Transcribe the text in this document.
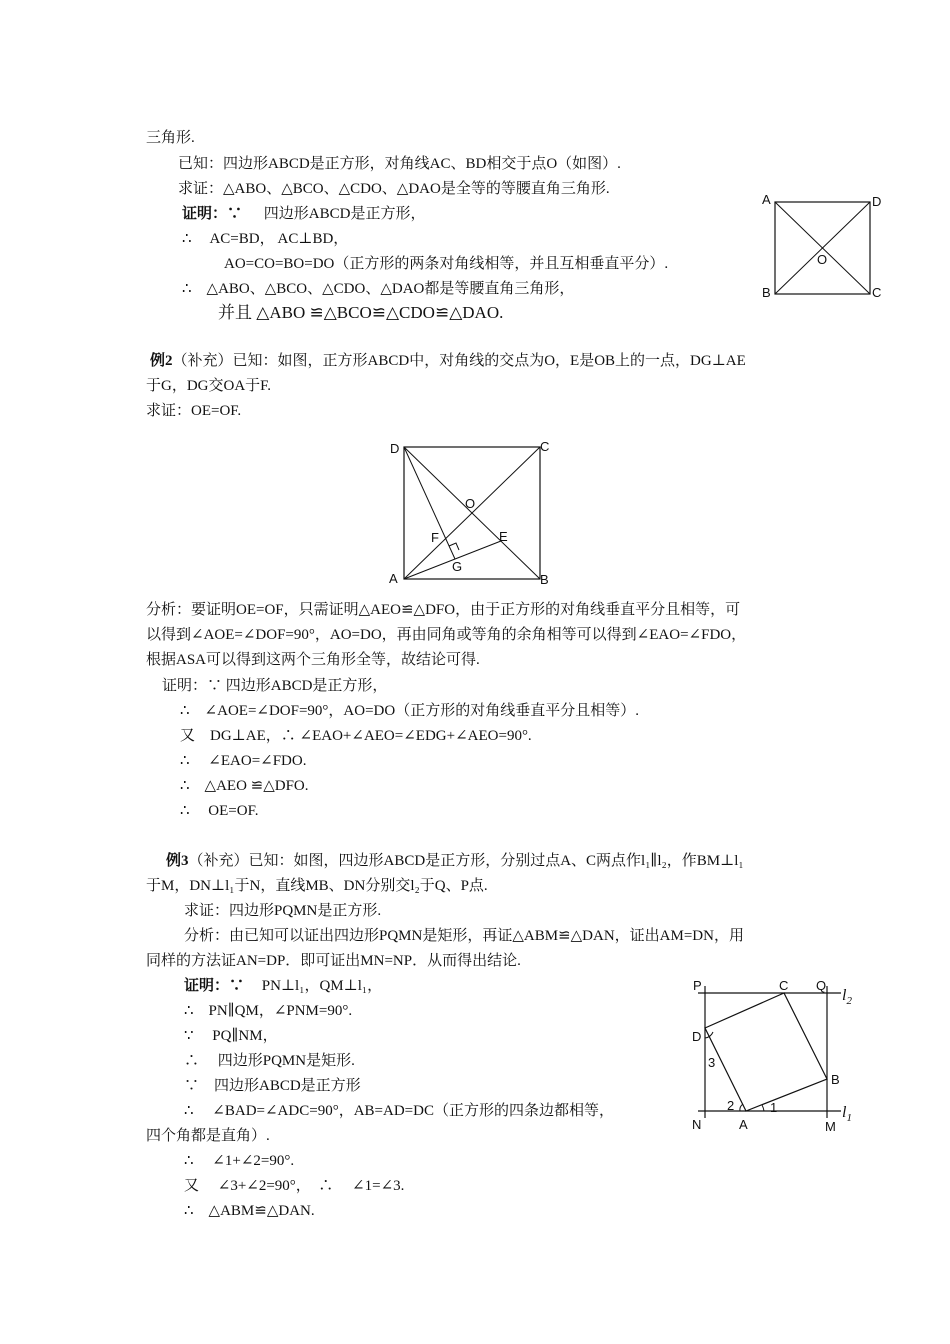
三角形.
已知：四边形ABCD是正方形，对角线AC、BD相交于点O（如图）.
求证：△ABO、△BCO、△CDO、△DAO是全等的等腰直角三角形.
证明：∵ 四边形ABCD是正方形，
∴　 AC=BD， AC⊥BD，
AO=CO=BO=DO（正方形的两条对角线相等，并且互相垂直平分）.
∴　△ABO、△BCO、△CDO、△DAO都是等腰直角三角形，
并且 △ABO ≌△BCO≌△CDO≌△DAO.
A	D
B	C
O
例2（补充）已知：如图，正方形ABCD中，对角线的交点为O，E是OB上的一点，DG⊥AE
于G，DG交OA于F.
求证：OE=OF.
D	C
A	B
O
F	E
G
分析：要证明OE=OF，只需证明△AEO≌△DFO，由于正方形的对角线垂直平分且相等，可
以得到∠AOE=∠DOF=90°，AO=DO，再由同角或等角的余角相等可以得到∠EAO=∠FDO，
根据ASA可以得到这两个三角形全等，故结论可得.
证明：∵ 四边形ABCD是正方形，
∴　∠AOE=∠DOF=90°，AO=DO（正方形的对角线垂直平分且相等）.
又　DG⊥AE，∴ ∠EAO+∠AEO=∠EDG+∠AEO=90°.
∴　 ∠EAO=∠FDO.
∴　△AEO ≌△DFO.
∴　 OE=OF.
例3（补充）已知：如图，四边形ABCD是正方形，分别过点A、C两点作l₁∥l₂，作BM⊥l₁
于M，DN⊥l₁于N，直线MB、DN分别交l₂于Q、P点.
求证：四边形PQMN是正方形.
分析：由已知可以证出四边形PQMN是矩形，再证△ABM≌△DAN，证出AM=DN，用
同样的方法证AN=DP．即可证出MN=NP．从而得出结论.
证明：∵ PN⊥l₁，QM⊥l₁，
∴　PN∥QM，∠PNM=90°.
∵　 PQ∥NM，
∴　 四边形PQMN是矩形.
∵　四边形ABCD是正方形
∴　 ∠BAD=∠ADC=90°，AB=AD=DC（正方形的四条边都相等，
四个角都是直角）.
∴　 ∠1+∠2=90°.
又　 ∠3+∠2=90°，　∴　 ∠1=∠3.
∴　△ABM≌△DAN.
P	C Q
D
B
N	A	M
1
2
3
$l_2$
$l_1$
